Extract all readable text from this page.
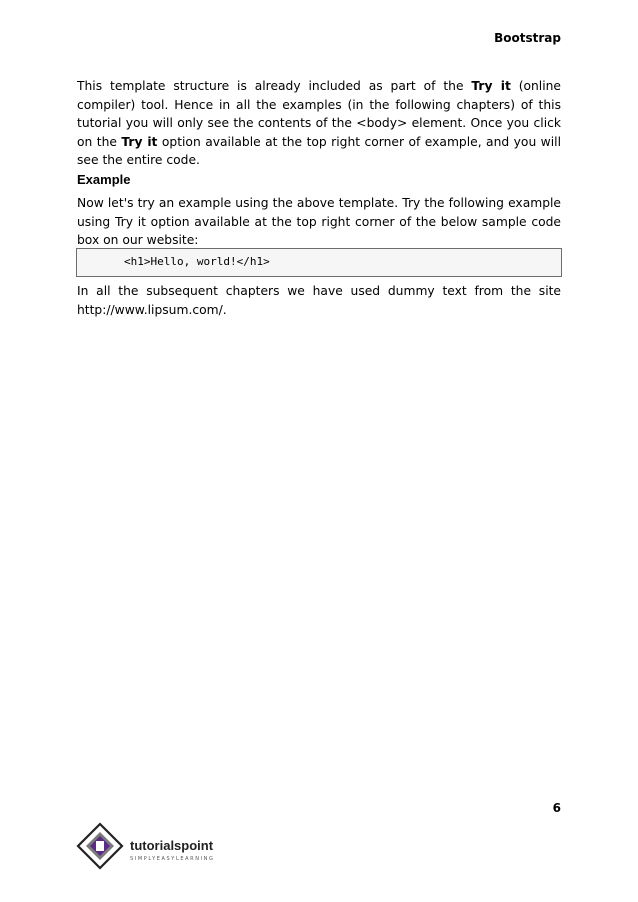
Bootstrap

This template structure is already included as part of the Try it (online compiler) tool. Hence in all the examples (in the following chapters) of this tutorial you will only see the contents of the <body> element. Once you click on the Try it option available at the top right corner of example, and you will see the entire code.

Example

Now let's try an example using the above template. Try the following example using Try it option available at the top right corner of the below sample code box on our website:

<h1>Hello, world!</h1>

In all the subsequent chapters we have used dummy text from the site http://www.lipsum.com/.

6
tutorialspoint
SIMPLYEASYLEARNING
